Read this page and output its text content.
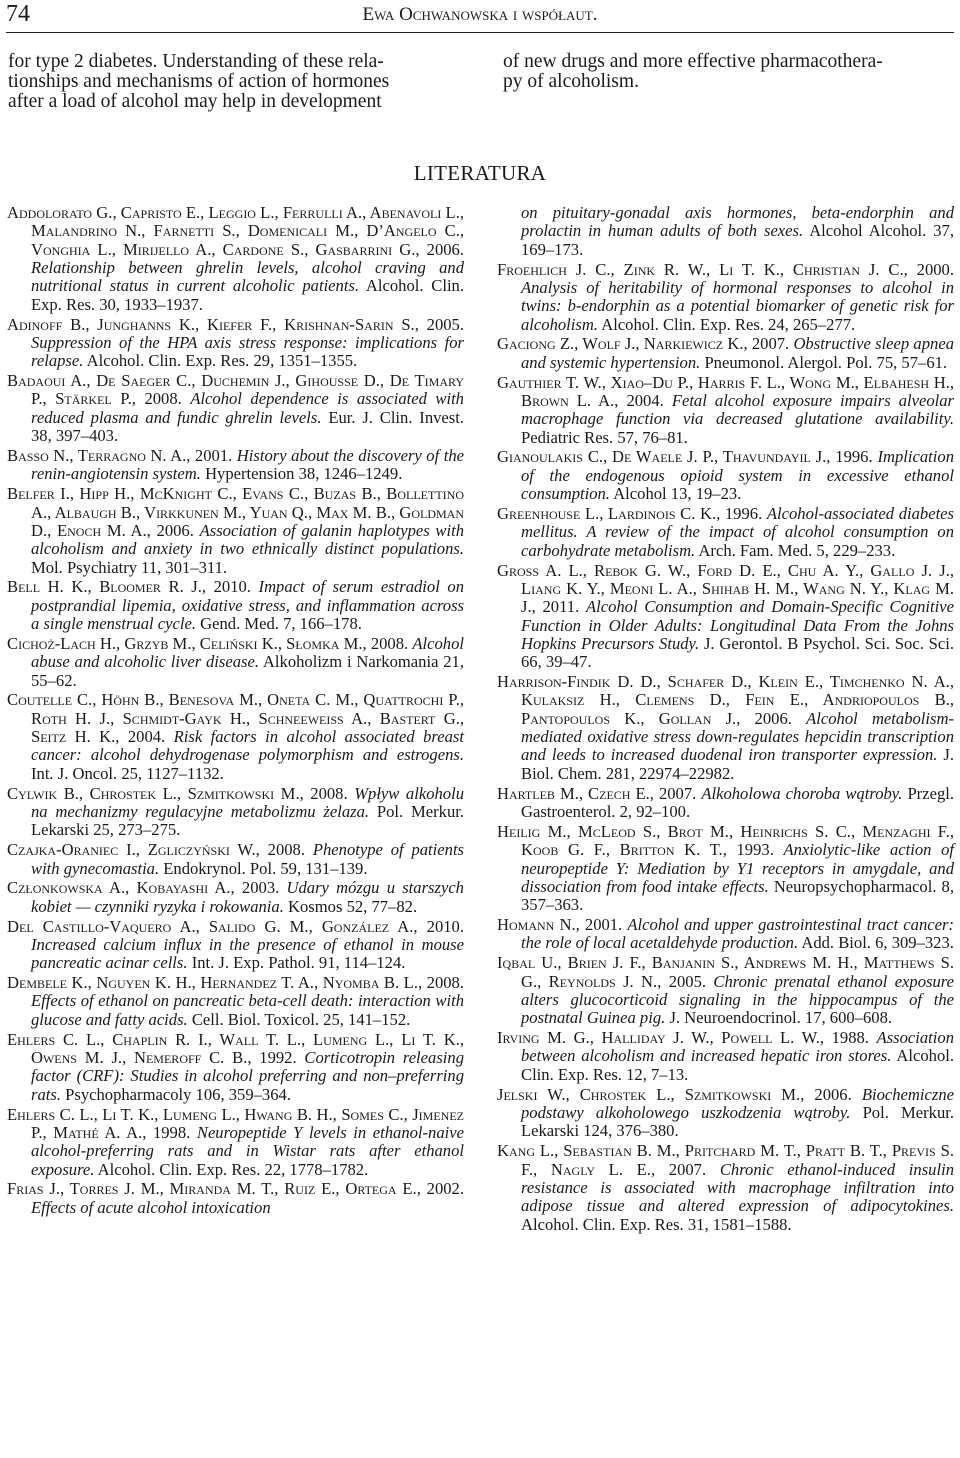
74	Ewa Ochwanowska i współaut.
for type 2 diabetes. Understanding of these rela-
tionships and mechanisms of action of hormones
after a load of alcohol may help in development
of new drugs and more effective pharmacothera-
py of alcoholism.
LITERATURA

Addolorato G., Capristo E., Leggio L., Ferrulli A., Abenavoli L., Malandrino N., Farnetti S., Domenicali M., D’Angelo C., Vonghia L., Mirijello A., Cardone S., Gasbarrini G., 2006. Relationship between ghrelin levels, alcohol craving and nutritional status in current alcoholic patients. Alcohol. Clin. Exp. Res. 30, 1933–1937.

Adinoff B., Junghanns K., Kiefer F., Krishnan-Sarin S., 2005. Suppression of the HPA axis stress response: implications for relapse. Alcohol. Clin. Exp. Res. 29, 1351–1355.

Badaoui A., De Saeger C., Duchemin J., Gihousse D., De Timary P., Stärkel P., 2008. Alcohol dependence is associated with reduced plasma and fundic ghrelin levels. Eur. J. Clin. Invest. 38, 397–403.

Basso N., Terragno N. A., 2001. History about the discovery of the renin-angiotensin system. Hypertension 38, 1246–1249.

Belfer I., Hipp H., McKnight C., Evans C., Buzas B., Bollettino A., Albaugh B., Virkkunen M., Yuan Q., Max M. B., Goldman D., Enoch M. A., 2006. Association of galanin haplotypes with alcoholism and anxiety in two ethnically distinct populations. Mol. Psychiatry 11, 301–311.

Bell H. K., Bloomer R. J., 2010. Impact of serum estradiol on postprandial lipemia, oxidative stress, and inflammation across a single menstrual cycle. Gend. Med. 7, 166–178.

Cichoż-Lach H., Grzyb M., Celiński K., Słomka M., 2008. Alcohol abuse and alcoholic liver disease. Alkoholizm i Narkomania 21, 55–62.

Coutelle C., Höhn B., Benesova M., Oneta C. M., Quattrochi P., Roth H. J., Schmidt-Gayk H., Schneeweiss A., Bastert G., Seitz H. K., 2004. Risk factors in alcohol associated breast cancer: alcohol dehydrogenase polymorphism and estrogens. Int. J. Oncol. 25, 1127–1132.

Cylwik B., Chrostek L., Szmitkowski M., 2008. Wpływ alkoholu na mechanizmy regulacyjne metabolizmu żelaza. Pol. Merkur. Lekarski 25, 273–275.

Czajka-Oraniec I., Zgliczyński W., 2008. Phenotype of patients with gynecomastia. Endokrynol. Pol. 59, 131–139.

Członkowska A., Kobayashi A., 2003. Udary mózgu u starszych kobiet — czynniki ryzyka i rokowania. Kosmos 52, 77–82.

Del Castillo-Vaquero A., Salido G. M., González A., 2010. Increased calcium influx in the presence of ethanol in mouse pancreatic acinar cells. Int. J. Exp. Pathol. 91, 114–124.

Dembele K., Nguyen K. H., Hernandez T. A., Nyomba B. L., 2008. Effects of ethanol on pancreatic beta-cell death: interaction with glucose and fatty acids. Cell. Biol. Toxicol. 25, 141–152.

Ehlers C. L., Chaplin R. I., Wall T. L., Lumeng L., Li T. K., Owens M. J., Nemeroff C. B., 1992. Corticotropin releasing factor (CRF): Studies in alcohol preferring and non–preferring rats. Psychopharmacoly 106, 359–364.

Ehlers C. L., Li T. K., Lumeng L., Hwang B. H., Somes C., Jimenez P., Mathé A. A., 1998. Neuropeptide Y levels in ethanol-naive alcohol-preferring rats and in Wistar rats after ethanol exposure. Alcohol. Clin. Exp. Res. 22, 1778–1782.

Frias J., Torres J. M., Miranda M. T., Ruiz E., Ortega E., 2002. Effects of acute alcohol intoxication

on pituitary-gonadal axis hormones, beta-endorphin and prolactin in human adults of both sexes. Alcohol Alcohol. 37, 169–173.

Froehlich J. C., Zink R. W., Li T. K., Christian J. C., 2000. Analysis of heritability of hormonal responses to alcohol in twins: b-endorphin as a potential biomarker of genetic risk for alcoholism. Alcohol. Clin. Exp. Res. 24, 265–277.

Gaciong Z., Wolf J., Narkiewicz K., 2007. Obstructive sleep apnea and systemic hypertension. Pneumonol. Alergol. Pol. 75, 57–61.

Gauthier T. W., Xiao–Du P., Harris F. L., Wong M., Elbahesh H., Brown L. A., 2004. Fetal alcohol exposure impairs alveolar macrophage function via decreased glutatione availability. Pediatric Res. 57, 76–81.

Gianoulakis C., De Waele J. P., Thavundayil J., 1996. Implication of the endogenous opioid system in excessive ethanol consumption. Alcohol 13, 19–23.

Greenhouse L., Lardinois C. K., 1996. Alcohol-associated diabetes mellitus. A review of the impact of alcohol consumption on carbohydrate metabolism. Arch. Fam. Med. 5, 229–233.

Gross A. L., Rebok G. W., Ford D. E., Chu A. Y., Gallo J. J., Liang K. Y., Meoni L. A., Shihab H. M., Wang N. Y., Klag M. J., 2011. Alcohol Consumption and Domain-Specific Cognitive Function in Older Adults: Longitudinal Data From the Johns Hopkins Precursors Study. J. Gerontol. B Psychol. Sci. Soc. Sci. 66, 39–47.

Harrison-Findik D. D., Schafer D., Klein E., Timchenko N. A., Kulaksiz H., Clemens D., Fein E., Andriopoulos B., Pantopoulos K., Gollan J., 2006. Alcohol metabolism-mediated oxidative stress down-regulates hepcidin transcription and leeds to increased duodenal iron transporter expression. J. Biol. Chem. 281, 22974–22982.

Hartleb M., Czech E., 2007. Alkoholowa choroba wątroby. Przegl. Gastroenterol. 2, 92–100.

Heilig M., McLeod S., Brot M., Heinrichs S. C., Menzaghi F., Koob G. F., Britton K. T., 1993. Anxiolytic-like action of neuropeptide Y: Mediation by Y1 receptors in amygdale, and dissociation from food intake effects. Neuropsychopharmacol. 8, 357–363.

Homann N., 2001. Alcohol and upper gastrointestinal tract cancer: the role of local acetaldehyde production. Add. Biol. 6, 309–323.

Iqbal U., Brien J. F., Banjanin S., Andrews M. H., Matthews S. G., Reynolds J. N., 2005. Chronic prenatal ethanol exposure alters glucocorticoid signaling in the hippocampus of the postnatal Guinea pig. J. Neuroendocrinol. 17, 600–608.

Irving M. G., Halliday J. W., Powell L. W., 1988. Association between alcoholism and increased hepatic iron stores. Alcohol. Clin. Exp. Res. 12, 7–13.

Jelski W., Chrostek L., Szmitkowski M., 2006. Biochemiczne podstawy alkoholowego uszkodzenia wątroby. Pol. Merkur. Lekarski 124, 376–380.

Kang L., Sebastian B. M., Pritchard M. T., Pratt B. T., Previs S. F., Nagly L. E., 2007. Chronic ethanol-induced insulin resistance is associated with macrophage infiltration into adipose tissue and altered expression of adipocytokines. Alcohol. Clin. Exp. Res. 31, 1581–1588.
